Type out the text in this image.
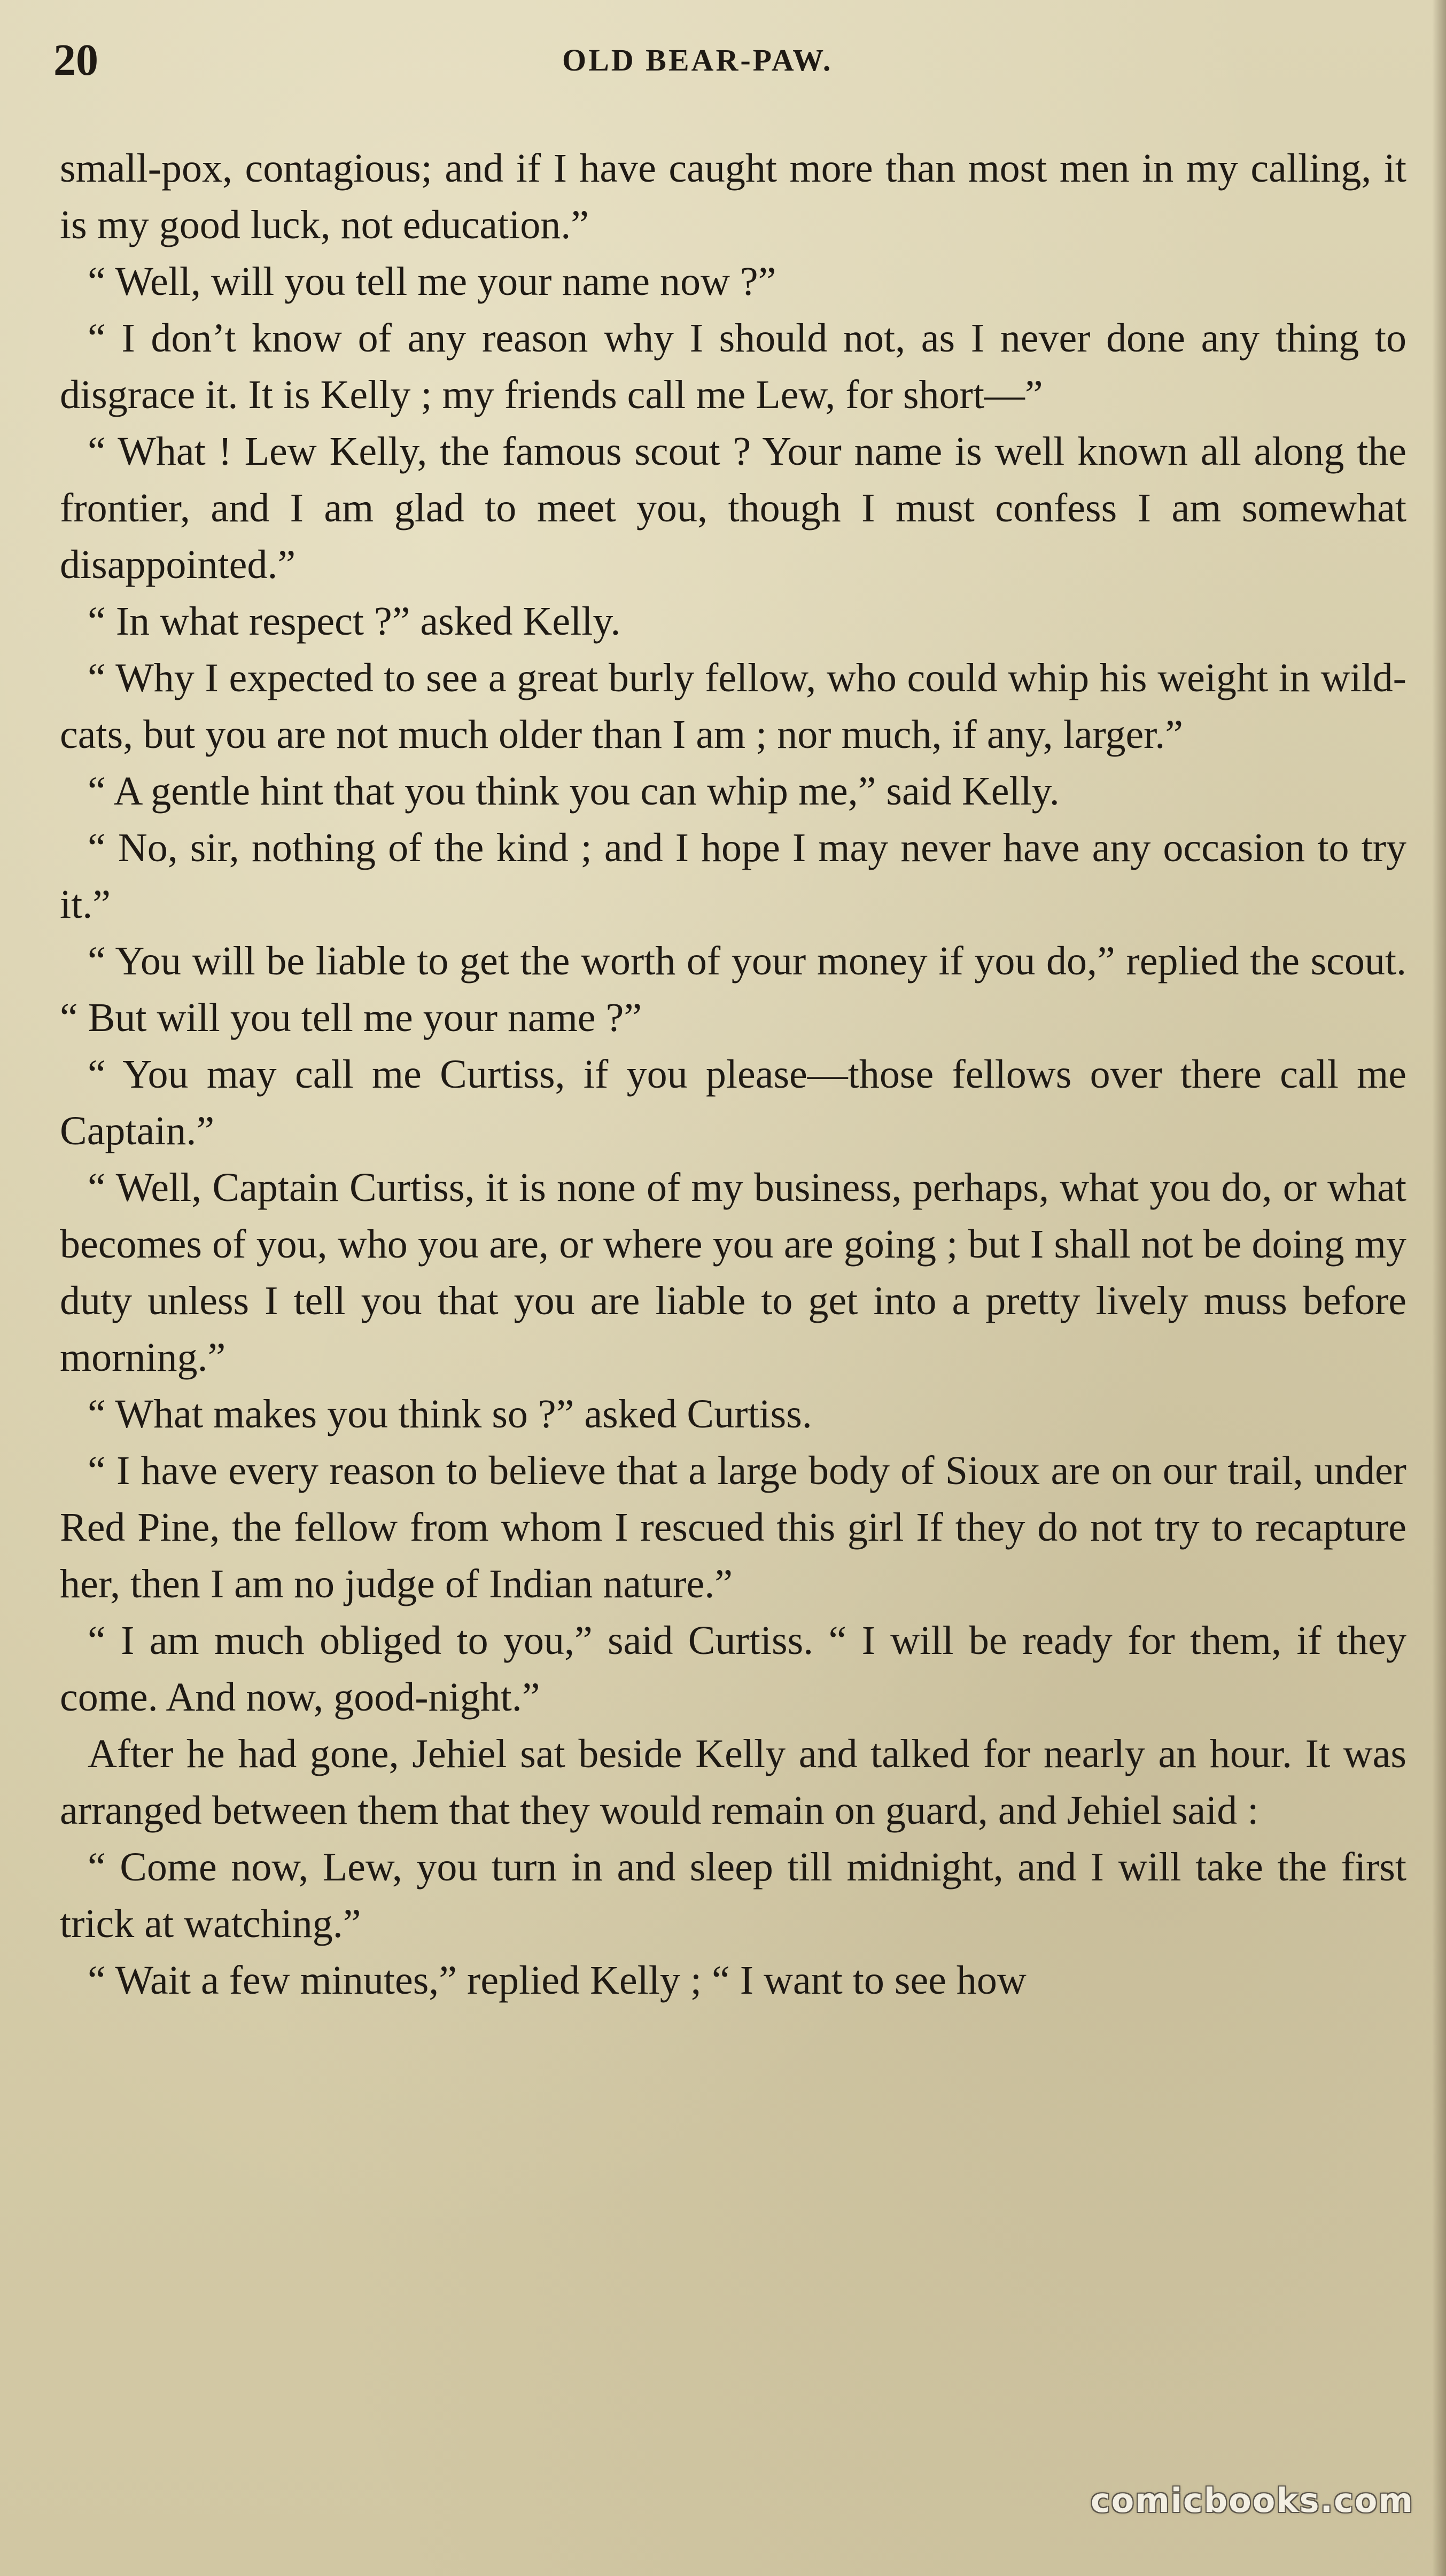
20	OLD BEAR-PAW.

small-pox, contagious; and if I have caught more than most men in my calling, it is my good luck, not education.”

“ Well, will you tell me your name now ?”

“ I don’t know of any reason why I should not, as I never done any thing to disgrace it. It is Kelly ; my friends call me Lew, for short—”

“ What ! Lew Kelly, the famous scout ? Your name is well known all along the frontier, and I am glad to meet you, though I must confess I am somewhat disappointed.”

“ In what respect ?” asked Kelly.

“ Why I expected to see a great burly fellow, who could whip his weight in wild-cats, but you are not much older than I am ; nor much, if any, larger.”

“ A gentle hint that you think you can whip me,” said Kelly.

“ No, sir, nothing of the kind ; and I hope I may never have any occasion to try it.”

“ You will be liable to get the worth of your money if you do,” replied the scout. “ But will you tell me your name ?”

“ You may call me Curtiss, if you please—those fellows over there call me Captain.”

“ Well, Captain Curtiss, it is none of my business, perhaps, what you do, or what becomes of you, who you are, or where you are going ; but I shall not be doing my duty unless I tell you that you are liable to get into a pretty lively muss before morning.”

“ What makes you think so ?” asked Curtiss.

“ I have every reason to believe that a large body of Sioux are on our trail, under Red Pine, the fellow from whom I rescued this girl If they do not try to recapture her, then I am no judge of Indian nature.”

“ I am much obliged to you,” said Curtiss. “ I will be ready for them, if they come. And now, good-night.”

After he had gone, Jehiel sat beside Kelly and talked for nearly an hour. It was arranged between them that they would remain on guard, and Jehiel said :

“ Come now, Lew, you turn in and sleep till midnight, and I will take the first trick at watching.”

“ Wait a few minutes,” replied Kelly ; “ I want to see how

comicbooks.com
